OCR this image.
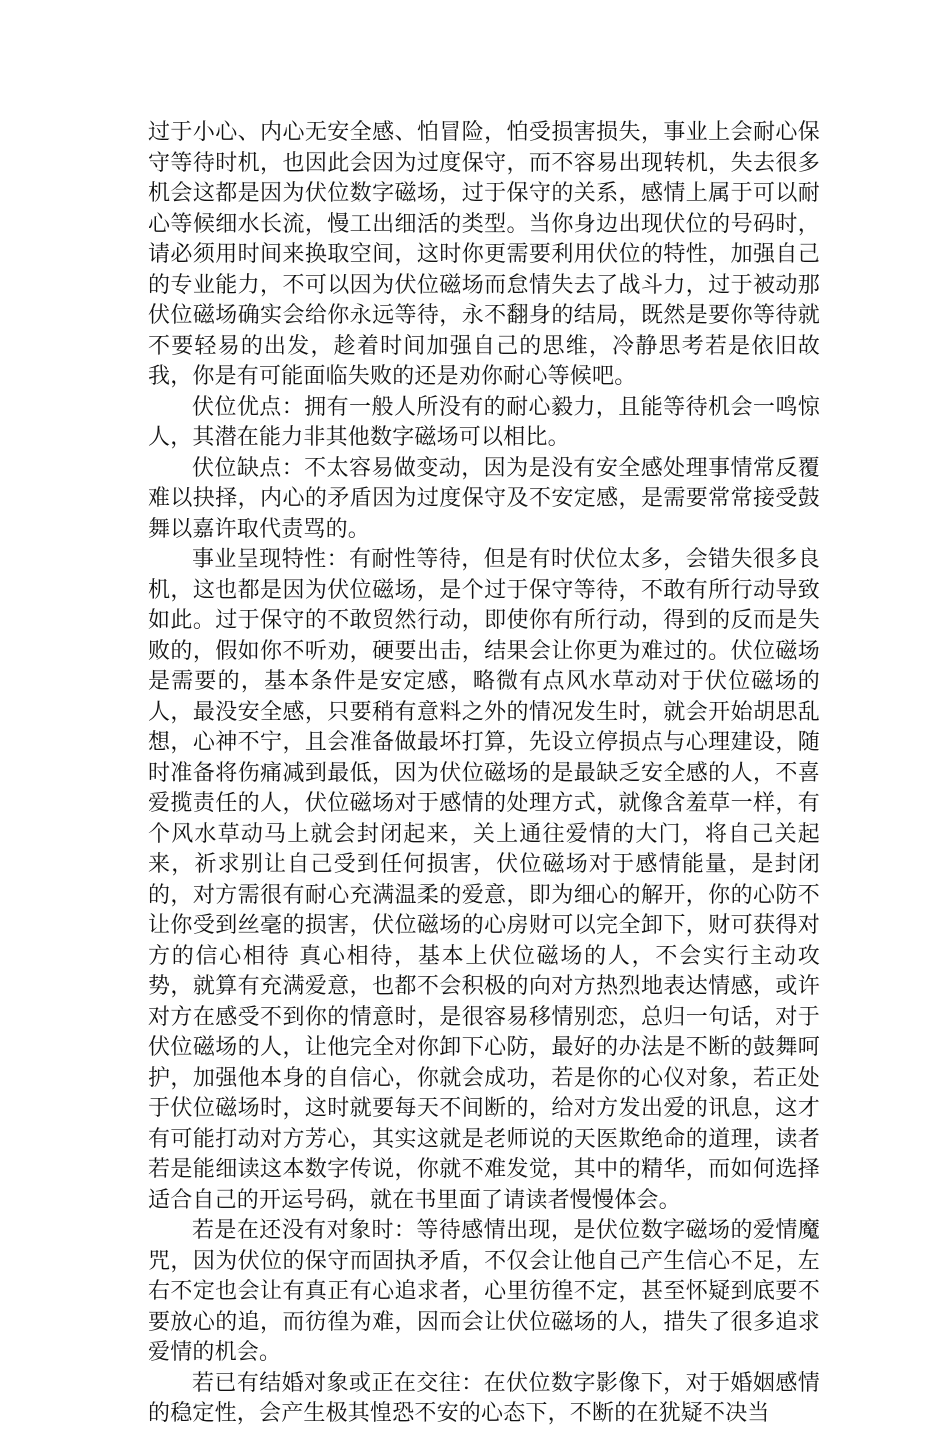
过于小心、内心无安全感、怕冒险，怕受损害损失，事业上会耐心保守等待时机，也因此会因为过度保守，而不容易出现转机，失去很多机会这都是因为伏位数字磁场，过于保守的关系，感情上属于可以耐心等候细水长流，慢工出细活的类型。当你身边出现伏位的号码时，请必须用时间来换取空间，这时你更需要利用伏位的特性，加强自己的专业能力，不可以因为伏位磁场而怠情失去了战斗力，过于被动那伏位磁场确实会给你永远等待，永不翻身的结局，既然是要你等待就不要轻易的出发，趁着时间加强自己的思维，冷静思考若是依旧故我，你是有可能面临失败的还是劝你耐心等候吧。

伏位优点：拥有一般人所没有的耐心毅力，且能等待机会一鸣惊人，其潜在能力非其他数字磁场可以相比。

伏位缺点：不太容易做变动，因为是没有安全感处理事情常反覆难以抉择，内心的矛盾因为过度保守及不安定感，是需要常常接受鼓舞以嘉许取代责骂的。

事业呈现特性：有耐性等待，但是有时伏位太多，会错失很多良机，这也都是因为伏位磁场，是个过于保守等待，不敢有所行动导致如此。过于保守的不敢贸然行动，即使你有所行动，得到的反而是失败的，假如你不听劝，硬要出击，结果会让你更为难过的。伏位磁场是需要的，基本条件是安定感，略微有点风水草动对于伏位磁场的人，最没安全感，只要稍有意料之外的情况发生时，就会开始胡思乱想，心神不宁，且会准备做最坏打算，先设立停损点与心理建设，随时准备将伤痛减到最低，因为伏位磁场的是最缺乏安全感的人，不喜爱揽责任的人，伏位磁场对于感情的处理方式，就像含羞草一样，有个风水草动马上就会封闭起来，关上通往爱情的大门，将自己关起来，祈求别让自己受到任何损害，伏位磁场对于感情能量，是封闭的，对方需很有耐心充满温柔的爱意，即为细心的解开，你的心防不让你受到丝毫的损害，伏位磁场的心房财可以完全卸下，财可获得对方的信心相待 真心相待，基本上伏位磁场的人，不会实行主动攻势，就算有充满爱意，也都不会积极的向对方热烈地表达情感，或许对方在感受不到你的情意时，是很容易移情别恋，总归一句话，对于伏位磁场的人，让他完全对你卸下心防，最好的办法是不断的鼓舞呵护，加强他本身的自信心，你就会成功，若是你的心仪对象，若正处于伏位磁场时，这时就要每天不间断的，给对方发出爱的讯息，这才有可能打动对方芳心，其实这就是老师说的天医欺绝命的道理，读者若是能细读这本数字传说，你就不难发觉，其中的精华，而如何选择适合自己的开运号码，就在书里面了请读者慢慢体会。

若是在还没有对象时：等待感情出现，是伏位数字磁场的爱情魔咒，因为伏位的保守而固执矛盾，不仅会让他自己产生信心不足，左右不定也会让有真正有心追求者，心里彷徨不定，甚至怀疑到底要不要放心的追，而彷徨为难，因而会让伏位磁场的人，措失了很多追求爱情的机会。

若已有结婚对象或正在交往：在伏位数字影像下，对于婚姻感情的稳定性，会产生极其惶恐不安的心态下，不断的在犹疑不决当
